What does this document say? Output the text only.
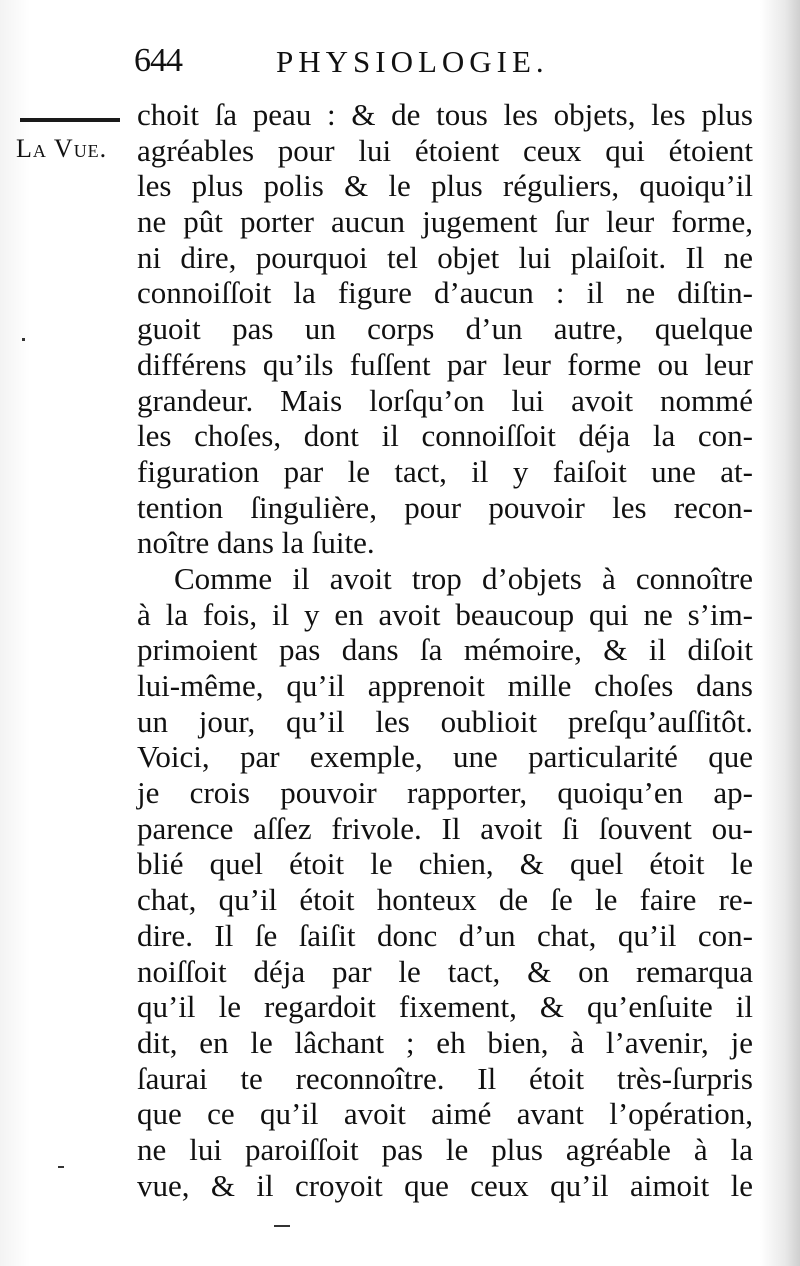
644	PHYSIOLOGIE.
La Vue.
choit ſa peau : & de tous les objets, les plus
agréables pour lui étoient ceux qui étoient
les plus polis & le plus réguliers, quoiqu’il
ne pût porter aucun jugement ſur leur forme,
ni dire, pourquoi tel objet lui plaiſoit. Il ne
connoiſſoit la figure d’aucun : il ne diſtin-
guoit pas un corps d’un autre, quelque
différens qu’ils fuſſent par leur forme ou leur
grandeur. Mais lorſqu’on lui avoit nommé
les choſes, dont il connoiſſoit déja la con-
figuration par le tact, il y faiſoit une at-
tention ſingulière, pour pouvoir les recon-
noître dans la ſuite.
Comme il avoit trop d’objets à connoître
à la fois, il y en avoit beaucoup qui ne s’im-
primoient pas dans ſa mémoire, & il diſoit
lui-même, qu’il apprenoit mille choſes dans
un jour, qu’il les oublioit preſqu’auſſitôt.
Voici, par exemple, une particularité que
je crois pouvoir rapporter, quoiqu’en ap-
parence aſſez frivole. Il avoit ſi ſouvent ou-
blié quel étoit le chien, & quel étoit le
chat, qu’il étoit honteux de ſe le faire re-
dire. Il ſe ſaiſit donc d’un chat, qu’il con-
noiſſoit déja par le tact, & on remarqua
qu’il le regardoit fixement, & qu’enſuite il
dit, en le lâchant ; eh bien, à l’avenir, je
ſaurai te reconnoître. Il étoit très-ſurpris
que ce qu’il avoit aimé avant l’opération,
ne lui paroiſſoit pas le plus agréable à la
vue, & il croyoit que ceux qu’il aimoit le
